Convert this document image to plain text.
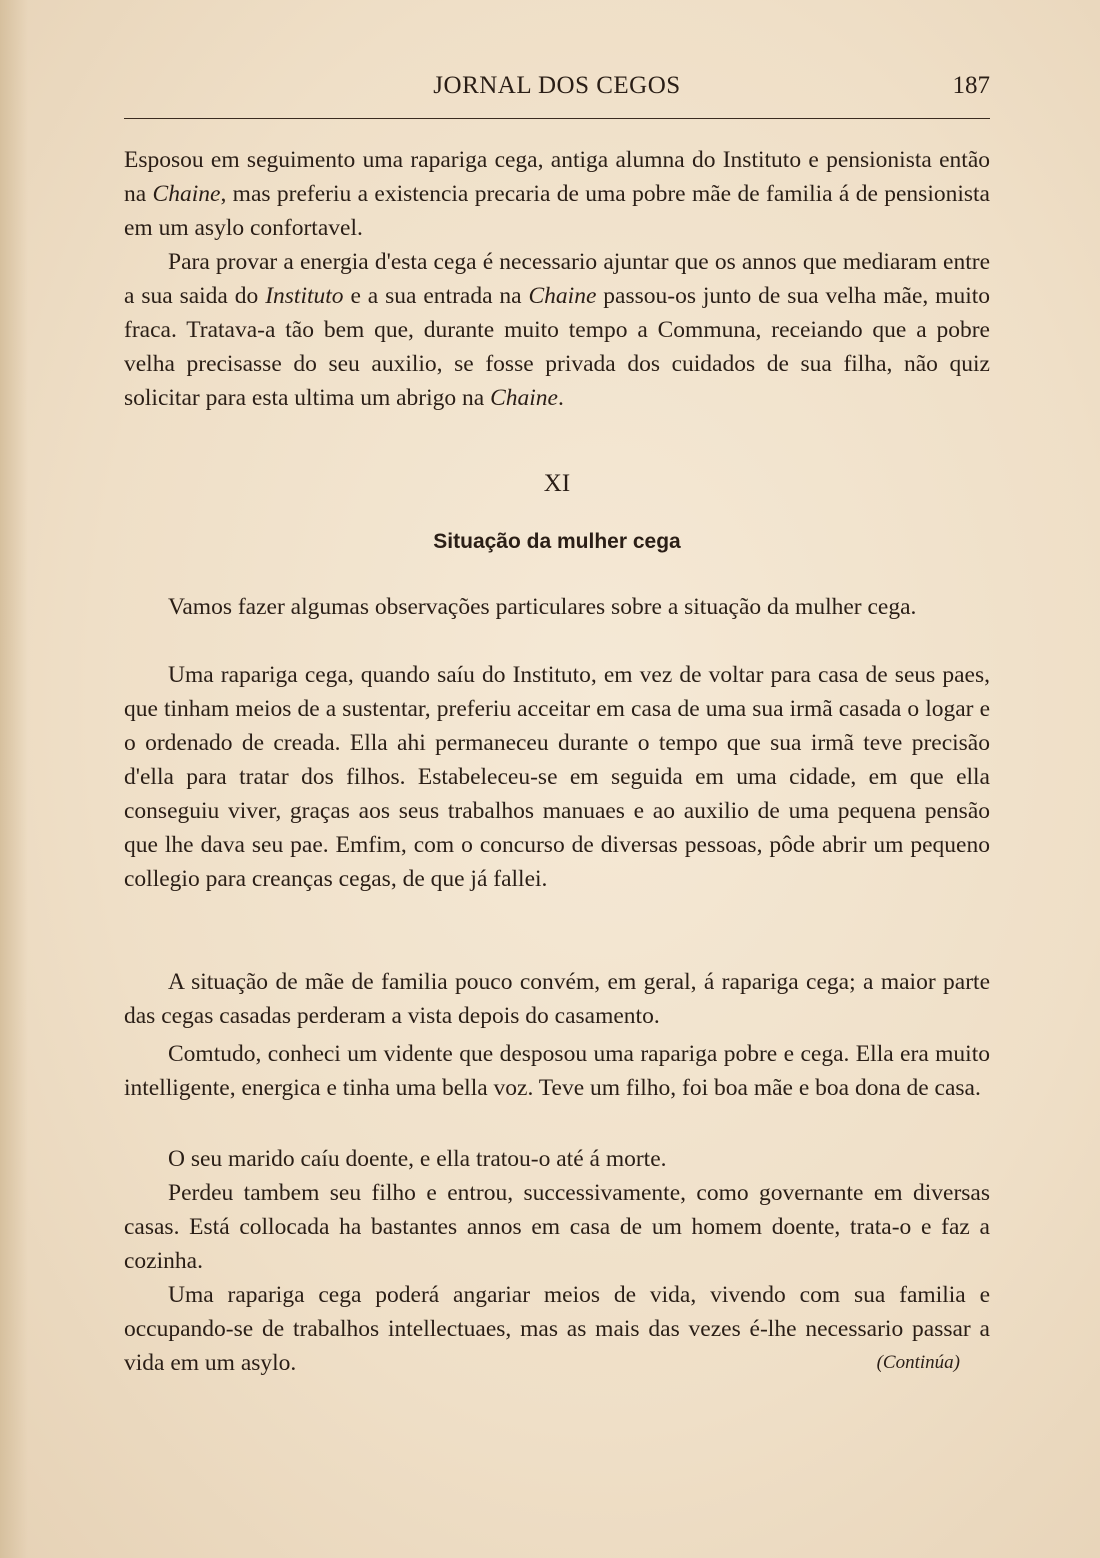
JORNAL DOS CEGOS	187

Esposou em seguimento uma rapariga cega, antiga alumna do Instituto e pensionista então na Chaine, mas preferiu a existencia precaria de uma pobre mãe de familia á de pensionista em um asylo confortavel.

Para provar a energia d'esta cega é necessario ajuntar que os annos que mediaram entre a sua saida do Instituto e a sua entrada na Chaine passou-os junto de sua velha mãe, muito fraca. Tratava-a tão bem que, durante muito tempo a Communa, receiando que a pobre velha precisasse do seu auxilio, se fosse privada dos cuidados de sua filha, não quiz solicitar para esta ultima um abrigo na Chaine.

XI
Situação da mulher cega

Vamos fazer algumas observações particulares sobre a situação da mulher cega.

Uma rapariga cega, quando saíu do Instituto, em vez de voltar para casa de seus paes, que tinham meios de a sustentar, preferiu acceitar em casa de uma sua irmã casada o logar e o ordenado de creada. Ella ahi permaneceu durante o tempo que sua irmã teve precisão d'ella para tratar dos filhos. Estabeleceu-se em seguida em uma cidade, em que ella conseguiu viver, graças aos seus trabalhos manuaes e ao auxilio de uma pequena pensão que lhe dava seu pae. Emfim, com o concurso de diversas pessoas, pôde abrir um pequeno collegio para creanças cegas, de que já fallei.

A situação de mãe de familia pouco convém, em geral, á rapariga cega; a maior parte das cegas casadas perderam a vista depois do casamento.

Comtudo, conheci um vidente que desposou uma rapariga pobre e cega. Ella era muito intelligente, energica e tinha uma bella voz. Teve um filho, foi boa mãe e boa dona de casa.

O seu marido caíu doente, e ella tratou-o até á morte.

Perdeu tambem seu filho e entrou, successivamente, como governante em diversas casas. Está collocada ha bastantes annos em casa de um homem doente, trata-o e faz a cozinha.

Uma rapariga cega poderá angariar meios de vida, vivendo com sua familia e occupando-se de trabalhos intellectuaes, mas as mais das vezes é-lhe necessario passar a vida em um asylo.	(Continúa)
